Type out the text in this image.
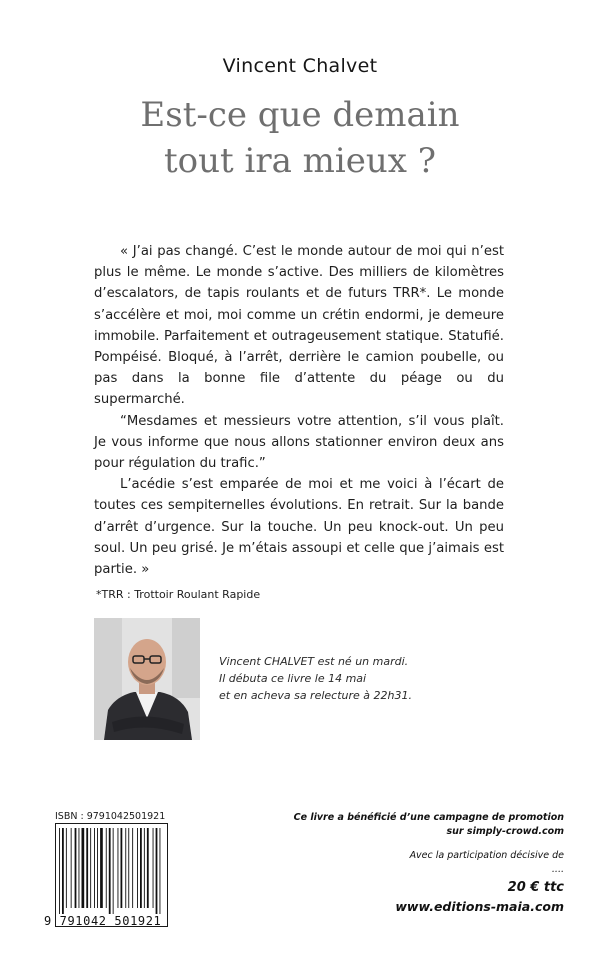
Vincent Chalvet
Est-ce que demain
tout ira mieux ?

« J’ai pas changé. C’est le monde autour de moi qui n’est plus le même. Le monde s’active. Des milliers de kilomètres d’escalators, de tapis roulants et de futurs TRR*. Le monde s’accélère et moi, moi comme un crétin endormi, je demeure immobile. Parfaitement et outrageusement statique. Statufié. Pompéisé. Bloqué, à l’arrêt, derrière le camion poubelle, ou pas dans la bonne file d’attente du péage ou du supermarché.

“Mesdames et messieurs votre attention, s’il vous plaît. Je vous informe que nous allons stationner environ deux ans pour régulation du trafic.”

L’acédie s’est emparée de moi et me voici à l’écart de toutes ces sempiternelles évolutions. En retrait. Sur la bande d’arrêt d’urgence. Sur la touche. Un peu knock-out. Un peu soul. Un peu grisé. Je m’étais assoupi et celle que j’aimais est partie. »

*TRR : Trottoir Roulant Rapide
Vincent CHALVET est né un mardi.
Il débuta ce livre le 14 mai
et en acheva sa relecture à 22h31.
ISBN : 9791042501921
9 791042 501921
Ce livre a bénéficié d’une campagne de promotion
sur simply-crowd.com
Avec la participation décisive de
....
20 € ttc
www.editions-maia.com
